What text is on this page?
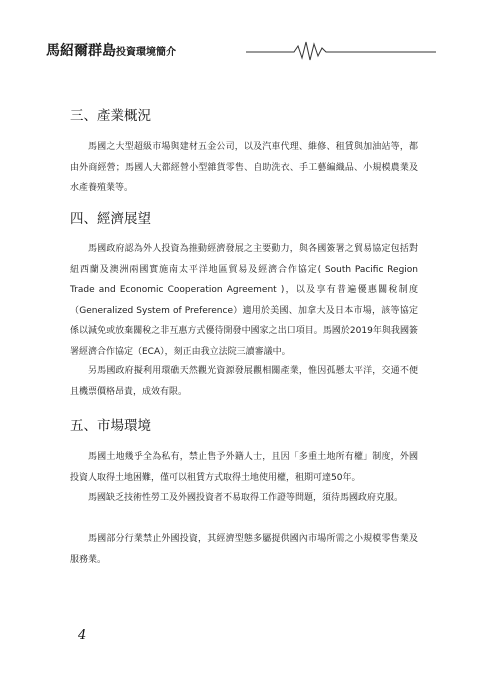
馬紹爾群島投資環境簡介
三、產業概況
馬國之大型超級市場與建材五金公司，以及汽車代理、維修、租賃與加油站等，都由外商經營；馬國人大都經營小型雜貨零售、自助洗衣、手工藝編織品、小規模農業及水產養殖業等。
四、經濟展望
馬國政府認為外人投資為推動經濟發展之主要動力，與各國簽署之貿易協定包括對紐西蘭及澳洲兩國實施南太平洋地區貿易及經濟合作協定( South Pacific Region Trade and Economic Cooperation Agreement )，以及享有普遍優惠關稅制度（Generalized System of Preference）適用於美國、加拿大及日本市場，該等協定係以減免或放棄關稅之非互惠方式優待開發中國家之出口項目。馬國於2019年與我國簽署經濟合作協定（ECA），刻正由我立法院三讀審議中。
另馬國政府擬利用環礁天然觀光資源發展觀相關產業，惟因孤懸太平洋，交通不便且機票價格昂貴，成效有限。
五、市場環境
馬國土地幾乎全為私有，禁止售予外籍人士，且因「多重土地所有權」制度，外國投資人取得土地困難，僅可以租賃方式取得土地使用權，租期可達50年。
馬國缺乏技術性勞工及外國投資者不易取得工作證等問題，須待馬國政府克服。
馬國部分行業禁止外國投資，其經濟型態多屬提供國內市場所需之小規模零售業及服務業。
4
